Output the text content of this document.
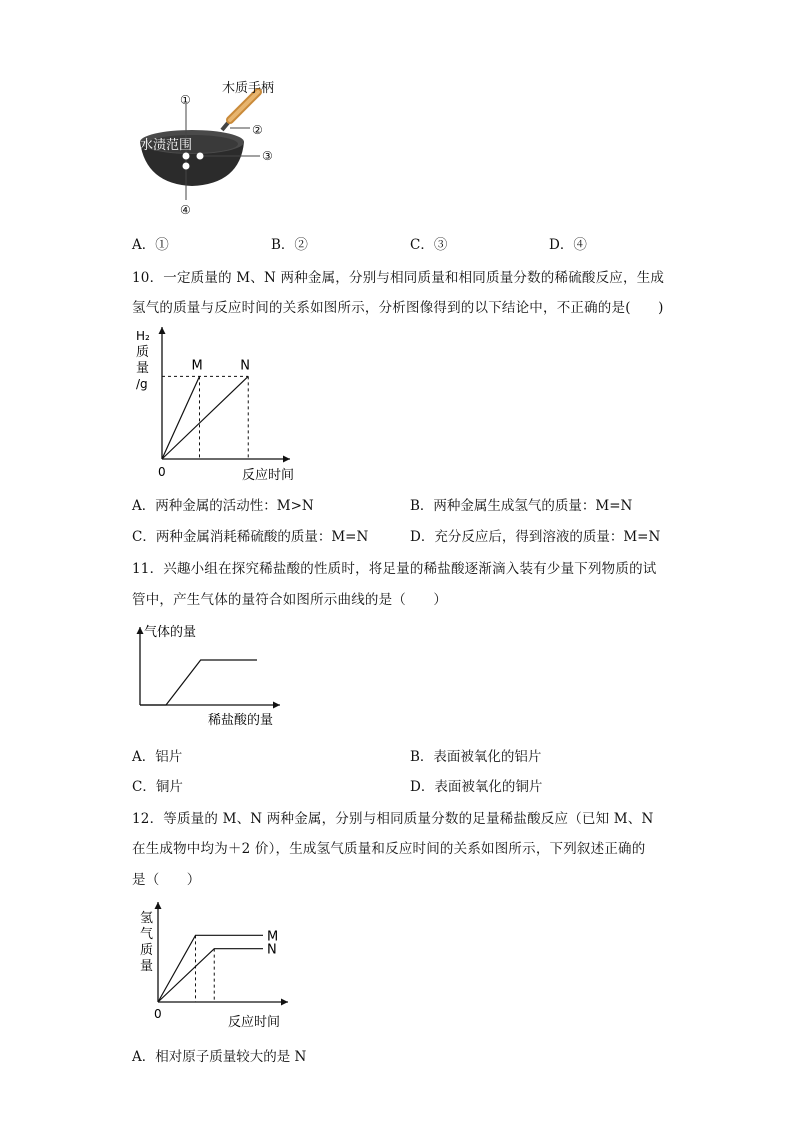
①
②
③
④
木质手柄
水渍范围
A．①	B．②	C．③	D．④
10．一定质量的 M、N 两种金属，分别与相同质量和相同质量分数的稀硫酸反应，生成
氢气的质量与反应时间的关系如图所示，分析图像得到的以下结论中，不正确的是(　　)
H₂
质
量
/g
0	反应时间
M	N
A．两种金属的活动性：M>N	B．两种金属生成氢气的质量：M=N
C．两种金属消耗稀硫酸的质量：M=N	D．充分反应后，得到溶液的质量：M=N
11．兴趣小组在探究稀盐酸的性质时，将足量的稀盐酸逐渐滴入装有少量下列物质的试
管中，产生气体的量符合如图所示曲线的是（　　）
气体的量
稀盐酸的量
A．铝片	B．表面被氧化的铝片
C．铜片	D．表面被氧化的铜片
12．等质量的 M、N 两种金属，分别与相同质量分数的足量稀盐酸反应（已知 M、N
在生成物中均为＋2 价），生成氢气质量和反应时间的关系如图所示，下列叙述正确的
是（　　）
氢
气
质
量
0
反应时间
M
N
A．相对原子质量较大的是 N
